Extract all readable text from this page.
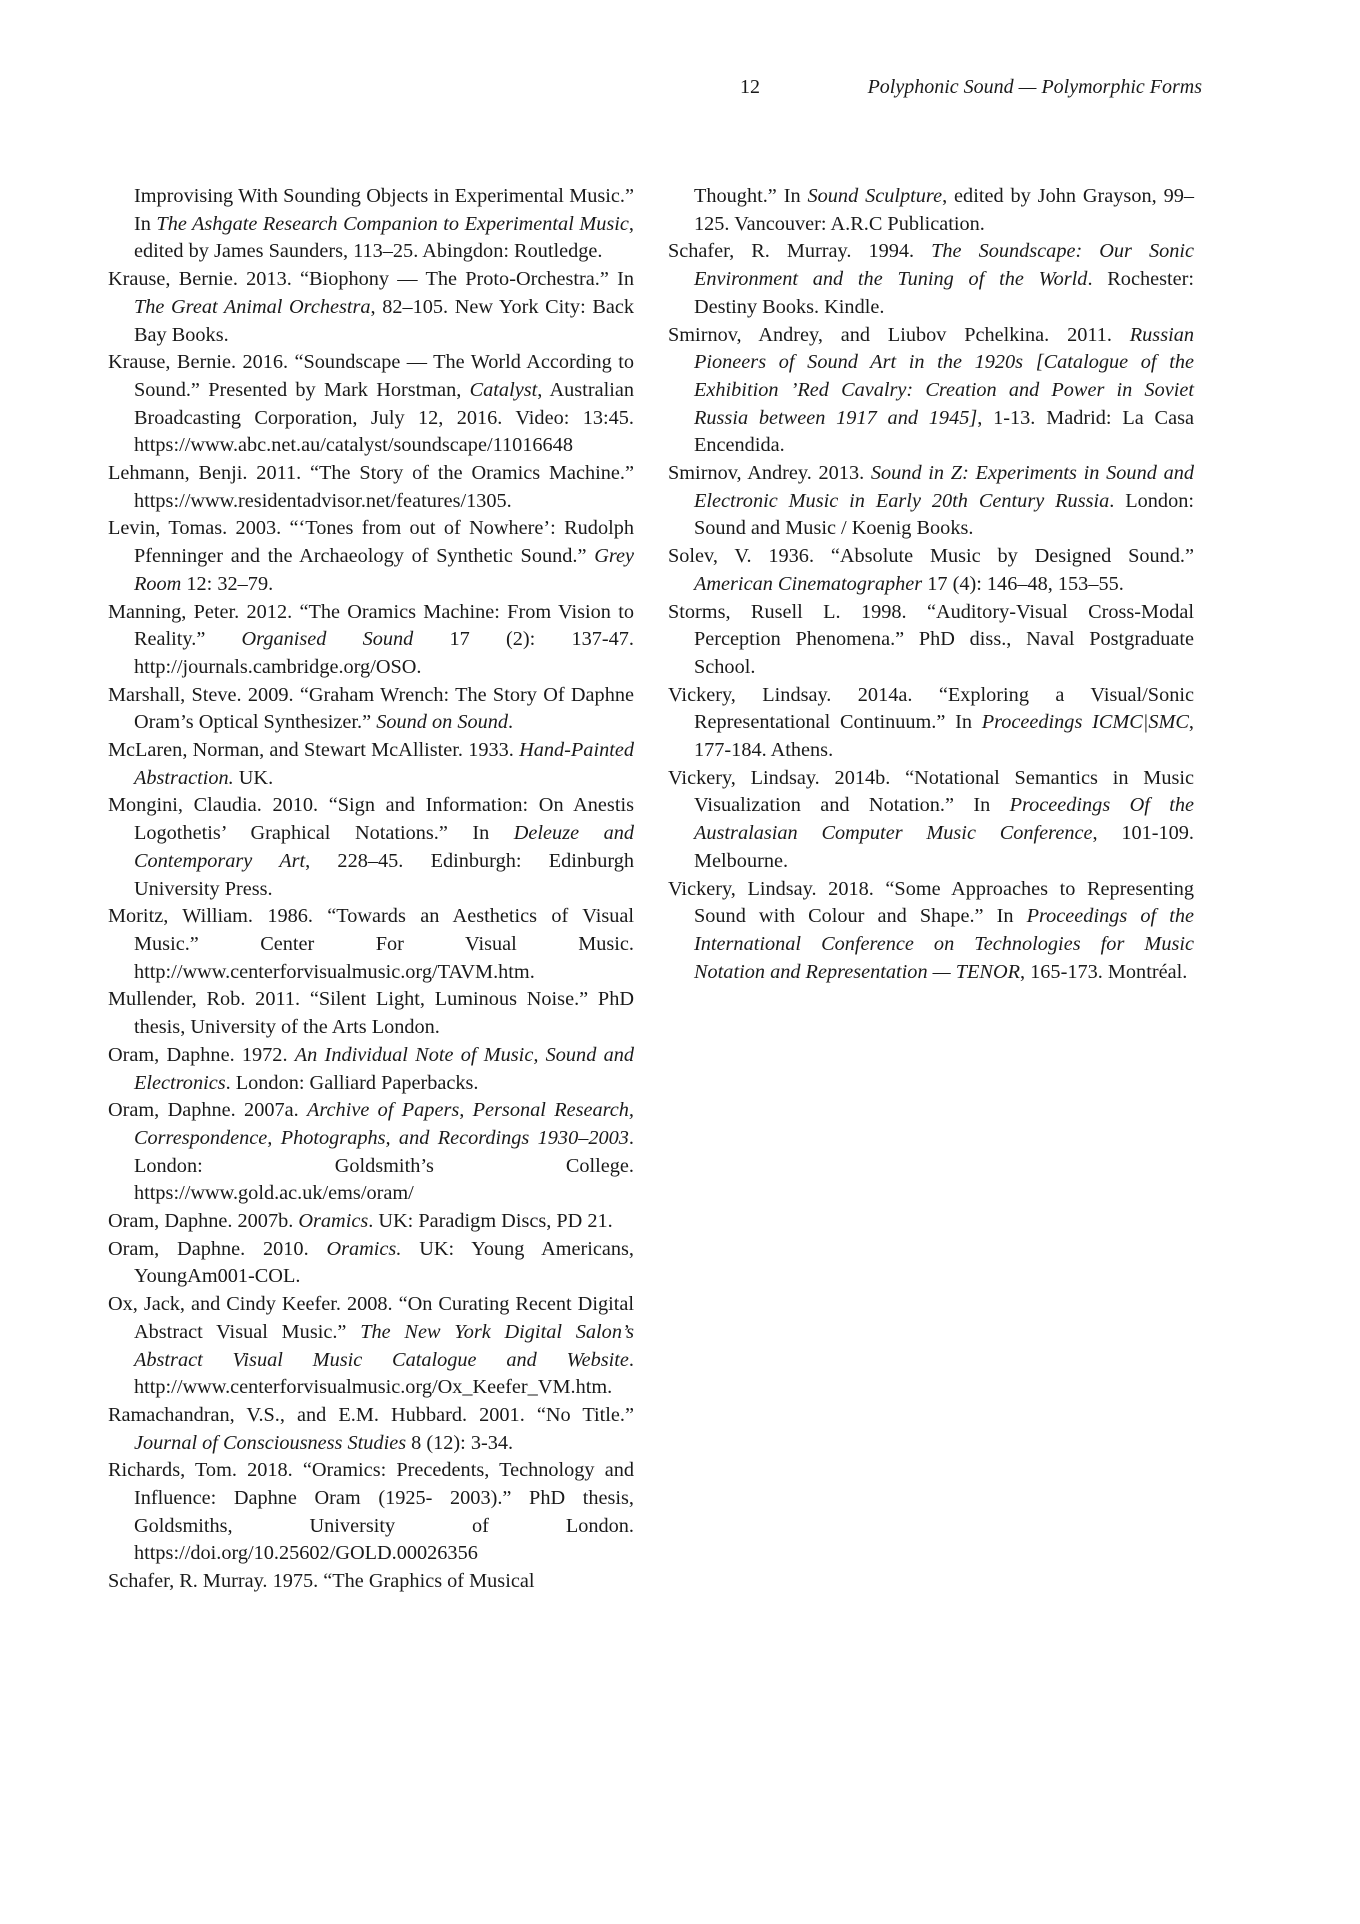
12	Polyphonic Sound — Polymorphic Forms

Improvising With Sounding Objects in Experimental Music.” In The Ashgate Research Companion to Experimental Music, edited by James Saunders, 113–25. Abingdon: Routledge.

Krause, Bernie. 2013. “Biophony — The Proto-Orchestra.” In The Great Animal Orchestra, 82–105. New York City: Back Bay Books.

Krause, Bernie. 2016. “Soundscape — The World According to Sound.” Presented by Mark Horstman, Catalyst, Australian Broadcasting Corporation, July 12, 2016. Video: 13:45. https://www.abc.net.au/catalyst/soundscape/11016648

Lehmann, Benji. 2011. “The Story of the Oramics Machine.” https://www.residentadvisor.net/features/1305.

Levin, Tomas. 2003. “‘Tones from out of Nowhere’: Rudolph Pfenninger and the Archaeology of Synthetic Sound.” Grey Room 12: 32–79.

Manning, Peter. 2012. “The Oramics Machine: From Vision to Reality.” Organised Sound 17 (2): 137-47. http://journals.cambridge.org/OSO.

Marshall, Steve. 2009. “Graham Wrench: The Story Of Daphne Oram’s Optical Synthesizer.” Sound on Sound.

McLaren, Norman, and Stewart McAllister. 1933. Hand-Painted Abstraction. UK.

Mongini, Claudia. 2010. “Sign and Information: On Anestis Logothetis’ Graphical Notations.” In Deleuze and Contemporary Art, 228–45. Edinburgh: Edinburgh University Press.

Moritz, William. 1986. “Towards an Aesthetics of Visual Music.” Center For Visual Music. http://www.centerforvisualmusic.org/TAVM.htm.

Mullender, Rob. 2011. “Silent Light, Luminous Noise.” PhD thesis, University of the Arts London.

Oram, Daphne. 1972. An Individual Note of Music, Sound and Electronics. London: Galliard Paperbacks.

Oram, Daphne. 2007a. Archive of Papers, Personal Research, Correspondence, Photographs, and Recordings 1930–2003. London: Goldsmith’s College. https://www.gold.ac.uk/ems/oram/

Oram, Daphne. 2007b. Oramics. UK: Paradigm Discs, PD 21.

Oram, Daphne. 2010. Oramics. UK: Young Americans, YoungAm001-COL.

Ox, Jack, and Cindy Keefer. 2008. “On Curating Recent Digital Abstract Visual Music.” The New York Digital Salon’s Abstract Visual Music Catalogue and Website. http://www.centerforvisualmusic.org/Ox_Keefer_VM.htm.

Ramachandran, V.S., and E.M. Hubbard. 2001. “No Title.” Journal of Consciousness Studies 8 (12): 3-34.

Richards, Tom. 2018. “Oramics: Precedents, Technology and Influence: Daphne Oram (1925- 2003).” PhD thesis, Goldsmiths, University of London. https://doi.org/10.25602/GOLD.00026356

Schafer, R. Murray. 1975. “The Graphics of Musical

Thought.” In Sound Sculpture, edited by John Grayson, 99–125. Vancouver: A.R.C Publication.

Schafer, R. Murray. 1994. The Soundscape: Our Sonic Environment and the Tuning of the World. Rochester: Destiny Books. Kindle.

Smirnov, Andrey, and Liubov Pchelkina. 2011. Russian Pioneers of Sound Art in the 1920s [Catalogue of the Exhibition ’Red Cavalry: Creation and Power in Soviet Russia between 1917 and 1945], 1-13. Madrid: La Casa Encendida.

Smirnov, Andrey. 2013. Sound in Z: Experiments in Sound and Electronic Music in Early 20th Century Russia. London: Sound and Music / Koenig Books.

Solev, V. 1936. “Absolute Music by Designed Sound.” American Cinematographer 17 (4): 146–48, 153–55.

Storms, Rusell L. 1998. “Auditory-Visual Cross-Modal Perception Phenomena.” PhD diss., Naval Postgraduate School.

Vickery, Lindsay. 2014a. “Exploring a Visual/Sonic Representational Continuum.” In Proceedings ICMC|SMC, 177-184. Athens.

Vickery, Lindsay. 2014b. “Notational Semantics in Music Visualization and Notation.” In Proceedings Of the Australasian Computer Music Conference, 101-109. Melbourne.

Vickery, Lindsay. 2018. “Some Approaches to Representing Sound with Colour and Shape.” In Proceedings of the International Conference on Technologies for Music Notation and Representation — TENOR, 165-173. Montréal.
